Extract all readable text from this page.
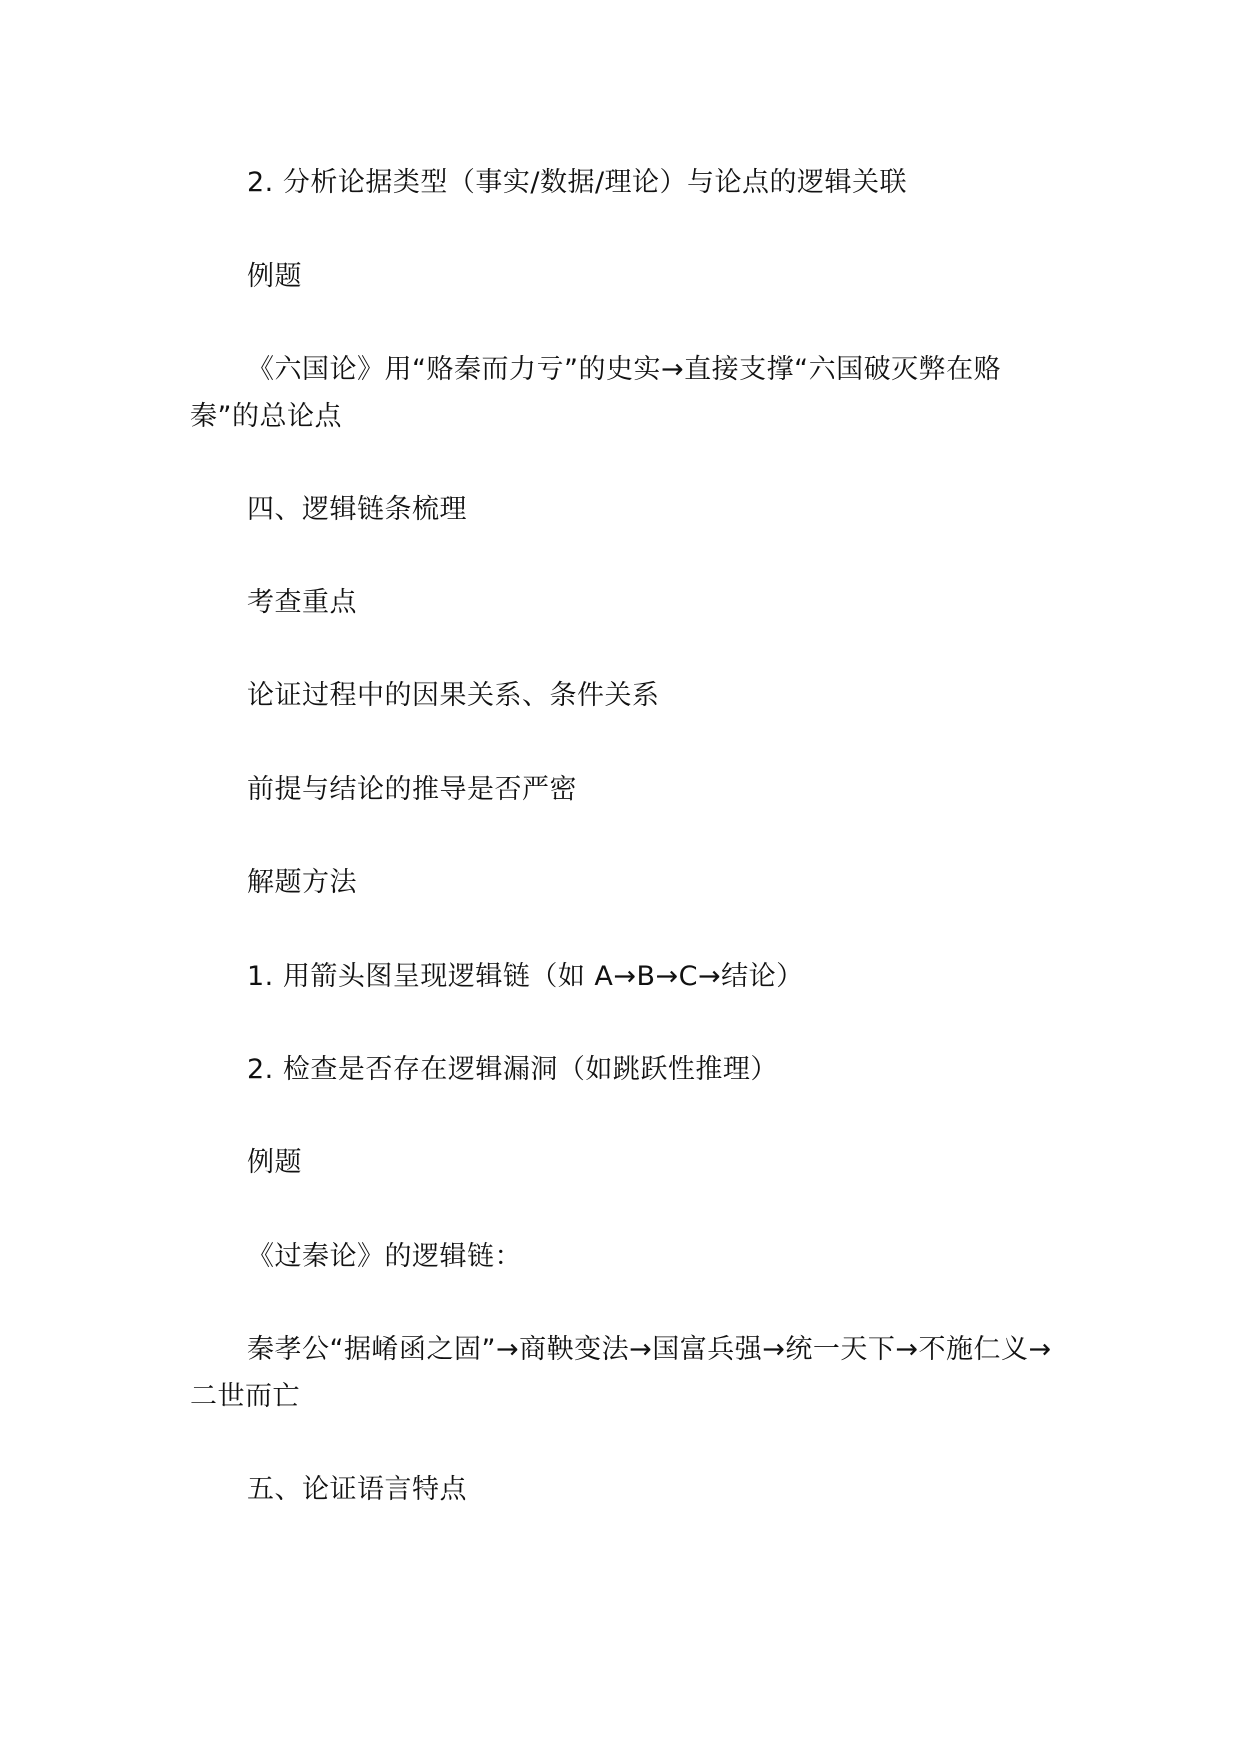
2. 分析论据类型（事实/数据/理论）与论点的逻辑关联

例题

《六国论》用“赂秦而力亏”的史实→直接支撑“六国破灭弊在赂秦”的总论点

四、逻辑链条梳理

考查重点

论证过程中的因果关系、条件关系

前提与结论的推导是否严密

解题方法

1. 用箭头图呈现逻辑链（如 A→B→C→结论）

2. 检查是否存在逻辑漏洞（如跳跃性推理）

例题

《过秦论》的逻辑链：

秦孝公“据崤函之固”→商鞅变法→国富兵强→统一天下→不施仁义→二世而亡

五、论证语言特点
